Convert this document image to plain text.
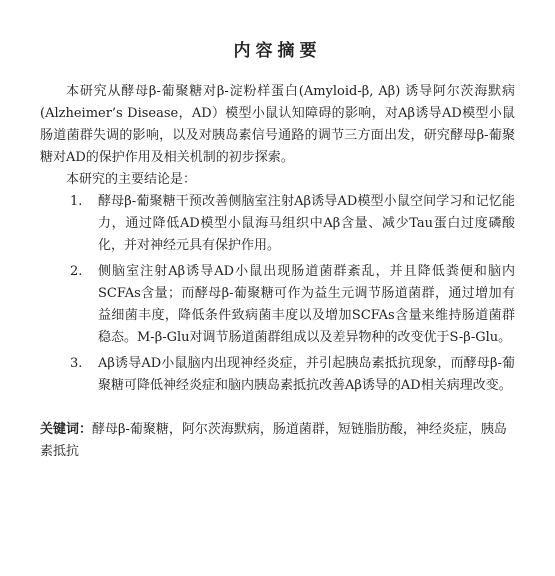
内容摘要

本研究从酵母β-葡聚糖对β-淀粉样蛋白(Amyloid-β, Aβ) 诱导阿尔茨海默病(Alzheimer’s Disease，AD）模型小鼠认知障碍的影响，对Aβ诱导AD模型小鼠肠道菌群失调的影响，以及对胰岛素信号通路的调节三方面出发，研究酵母β-葡聚糖对AD的保护作用及相关机制的初步探索。

本研究的主要结论是：

1.	酵母β-葡聚糖干预改善侧脑室注射Aβ诱导AD模型小鼠空间学习和记忆能力，通过降低AD模型小鼠海马组织中Aβ含量、减少Tau蛋白过度磷酸化，并对神经元具有保护作用。
2.	侧脑室注射Aβ诱导AD小鼠出现肠道菌群紊乱，并且降低粪便和脑内SCFAs含量；而酵母β-葡聚糖可作为益生元调节肠道菌群，通过增加有益细菌丰度，降低条件致病菌丰度以及增加SCFAs含量来维持肠道菌群稳态。M-β-Glu对调节肠道菌群组成以及差异物种的改变优于S-β-Glu。
3.	Aβ诱导AD小鼠脑内出现神经炎症，并引起胰岛素抵抗现象，而酵母β-葡聚糖可降低神经炎症和脑内胰岛素抵抗改善Aβ诱导的AD相关病理改变。
关键词：酵母β-葡聚糖，阿尔茨海默病，肠道菌群，短链脂肪酸，神经炎症，胰岛素抵抗
